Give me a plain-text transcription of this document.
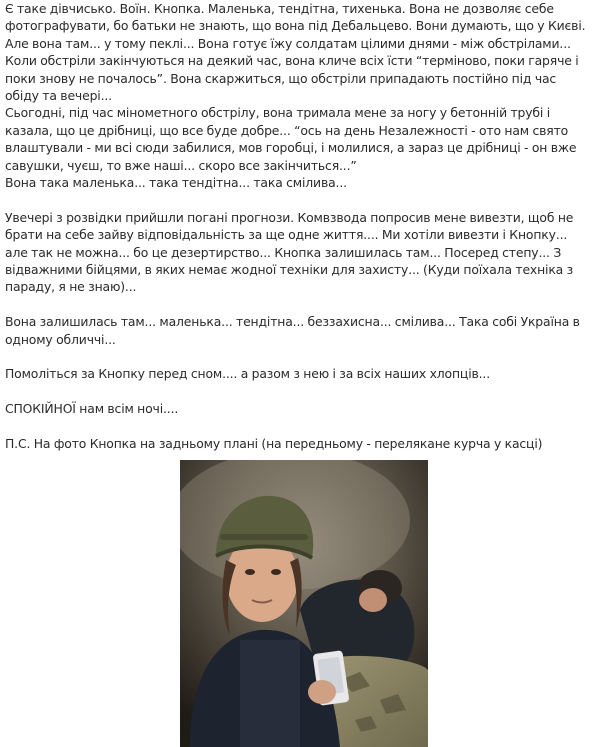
Є таке дівчисько. Воїн. Кнопка. Маленька, тендітна, тихенька. Вона не дозволяє себе фотографувати, бо батьки не знають, що вона під Дебальцево. Вони думають, що у Києві. Але вона там... у тому пеклі... Вона готує їжу солдатам цілими днями - між обстрілами... Коли обстріли закінчуються на деякий час, вона кличе всіх їсти “терміново, поки гаряче і поки знову не почалось”. Вона скаржиться, що обстріли припадають постійно під час обіду та вечері...

Сьогодні, під час мінометного обстрілу, вона тримала мене за ногу у бетонній трубі і казала, що це дрібниці, що все буде добре... “ось на день Незалежності - ото нам свято влаштували - ми всі сюди забилися, мов горобці, і молилися, а зараз це дрібниці - он вже савушки, чуєш, то вже наші... скоро все закінчиться...”

Вона така маленька... така тендітна... така смілива...

Увечері з розвідки прийшли погані прогнози. Комвзвода попросив мене вивезти, щоб не брати на себе зайву відповідальність за ще одне життя.... Ми хотіли вивезти і Кнопку... але так не можна... бо це дезертирство... Кнопка залишилась там... Посеред степу... З відважними бійцями, в яких немає жодної техніки для захисту... (Куди поїхала техніка з параду, я не знаю)...

Вона залишилась там... маленька... тендітна... беззахисна... смілива... Така собі Україна в одному обличчі...

Помоліться за Кнопку перед сном.... а разом з нею і за всіх наших хлопців...

СПОКІЙНОЇ нам всім ночі....

П.С. На фото Кнопка на задньому плані (на передньому - перелякане курча у касці)
